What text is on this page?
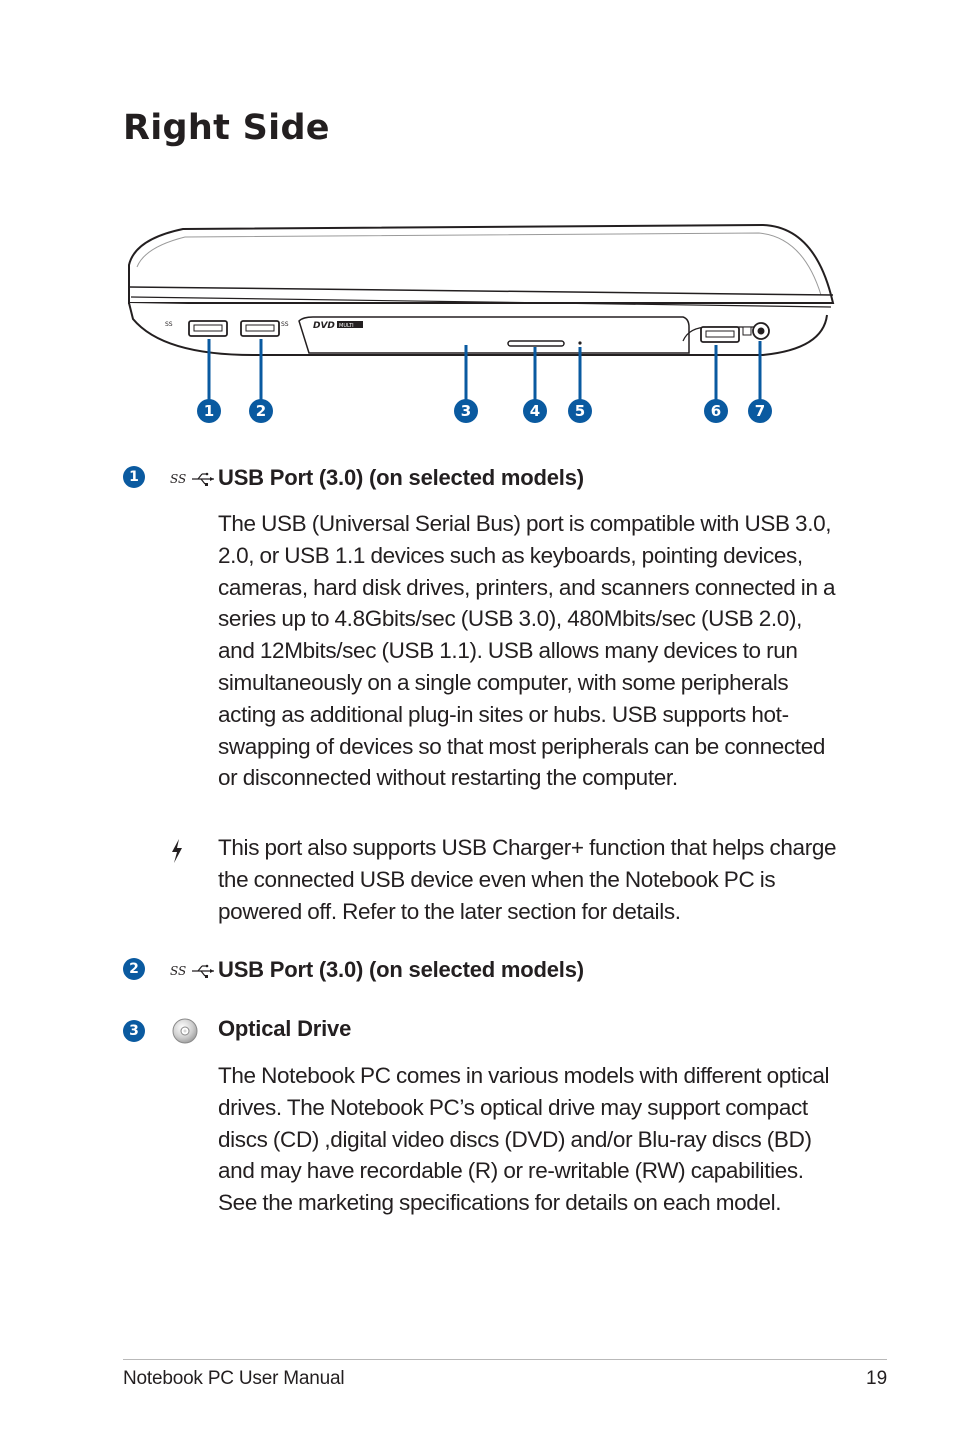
Right Side
SS	SS	DVD MULTI
1	2	3	4 5	6 7
1	SS USB Port (3.0) (on selected models)

The USB (Universal Serial Bus) port is compatible with USB 3.0, 2.0, or USB 1.1 devices such as keyboards, pointing devices, cameras, hard disk drives, printers, and scanners connected in a series up to 4.8Gbits/sec (USB 3.0), 480Mbits/sec (USB 2.0), and 12Mbits/sec (USB 1.1). USB allows many devices to run simultaneously on a single computer, with some peripherals acting as additional plug-in sites or hubs. USB supports hot-swapping of devices so that most peripherals can be connected or disconnected without restarting the computer.

This port also supports USB Charger+ function that helps charge the connected USB device even when the Notebook PC is powered off. Refer to the later section for details.

2	SS USB Port (3.0) (on selected models)
3	Optical Drive

The Notebook PC comes in various models with different optical drives. The Notebook PC’s optical drive may support compact discs (CD) ,digital video discs (DVD) and/or Blu-ray discs (BD) and may have recordable (R) or re-writable (RW) capabilities. See the marketing specifications for details on each model.

Notebook PC User Manual	19
